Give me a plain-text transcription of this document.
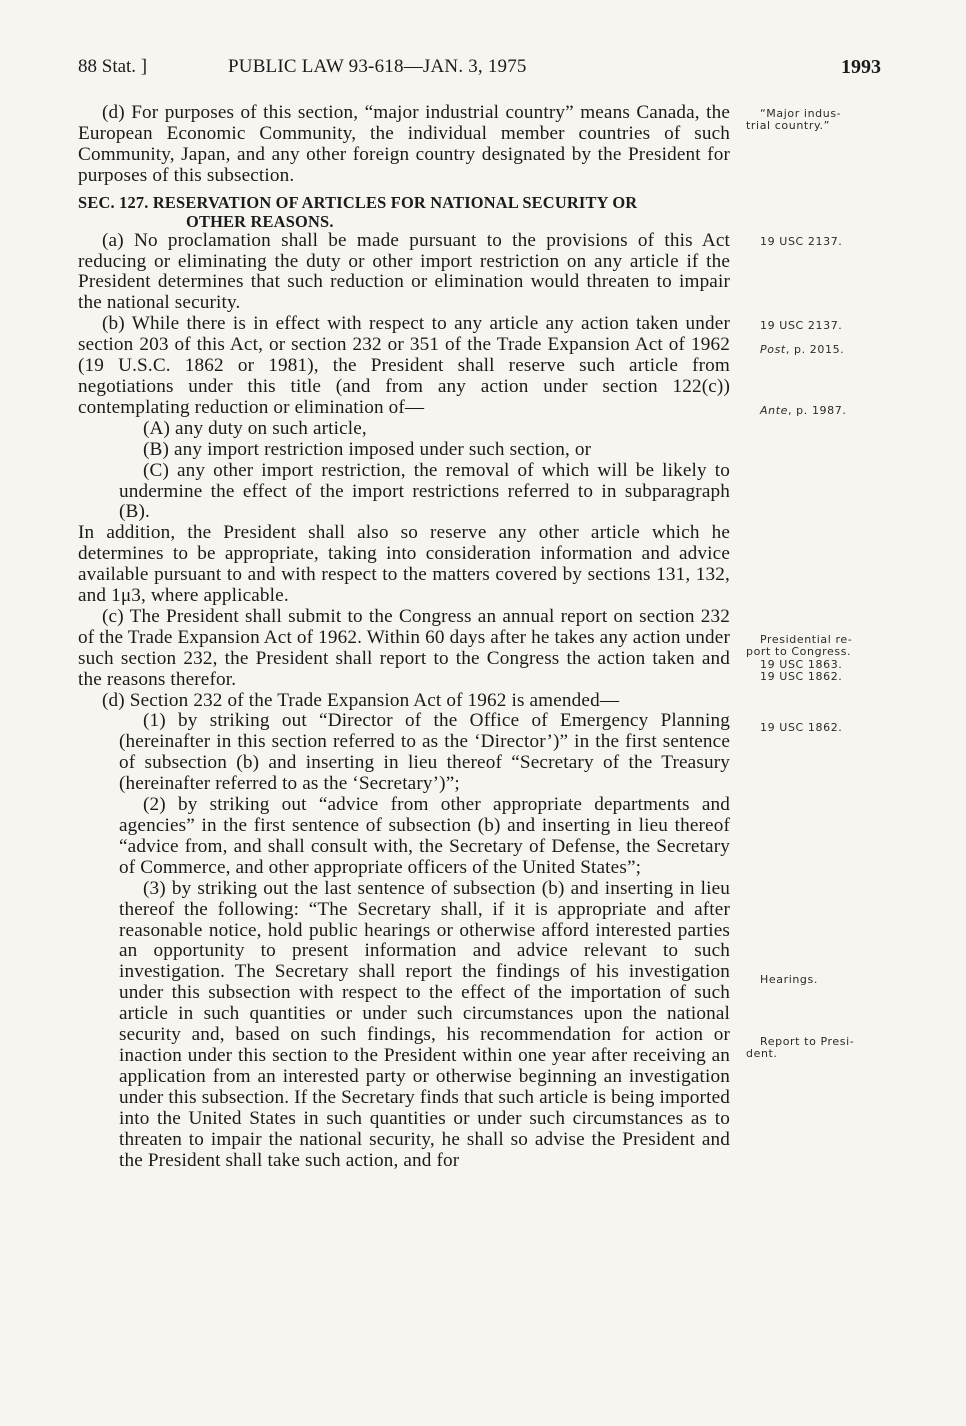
88 Stat. ]	PUBLIC LAW 93-618—JAN. 3, 1975	1993

(d) For purposes of this section, “major industrial country” means Canada, the European Economic Community, the individual member countries of such Community, Japan, and any other foreign country designated by the President for purposes of this subsection.

SEC. 127. RESERVATION OF ARTICLES FOR NATIONAL SECURITY OR
OTHER REASONS.

(a) No proclamation shall be made pursuant to the provisions of this Act reducing or eliminating the duty or other import restriction on any article if the President determines that such reduction or elimination would threaten to impair the national security.

(b) While there is in effect with respect to any article any action taken under section 203 of this Act, or section 232 or 351 of the Trade Expansion Act of 1962 (19 U.S.C. 1862 or 1981), the President shall reserve such article from negotiations under this title (and from any action under section 122(c)) contemplating reduction or elimination of—

(A) any duty on such article,

(B) any import restriction imposed under such section, or

(C) any other import restriction, the removal of which will be likely to undermine the effect of the import restrictions referred to in subparagraph (B).

In addition, the President shall also so reserve any other article which he determines to be appropriate, taking into consideration information and advice available pursuant to and with respect to the matters covered by sections 131, 132, and 1μ3, where applicable.

(c) The President shall submit to the Congress an annual report on section 232 of the Trade Expansion Act of 1962. Within 60 days after he takes any action under such section 232, the President shall report to the Congress the action taken and the reasons therefor.

(d) Section 232 of the Trade Expansion Act of 1962 is amended—

(1) by striking out “Director of the Office of Emergency Planning (hereinafter in this section referred to as the ‘Director’)” in the first sentence of subsection (b) and inserting in lieu thereof “Secretary of the Treasury (hereinafter referred to as the ‘Secretary’)”;

(2) by striking out “advice from other appropriate departments and agencies” in the first sentence of subsection (b) and inserting in lieu thereof “advice from, and shall consult with, the Secretary of Defense, the Secretary of Commerce, and other appropriate officers of the United States”;

(3) by striking out the last sentence of subsection (b) and inserting in lieu thereof the following: “The Secretary shall, if it is appropriate and after reasonable notice, hold public hearings or otherwise afford interested parties an opportunity to present information and advice relevant to such investigation. The Secretary shall report the findings of his investigation under this subsection with respect to the effect of the importation of such article in such quantities or under such circumstances upon the national security and, based on such findings, his recommendation for action or inaction under this section to the President within one year after receiving an application from an interested party or otherwise beginning an investigation under this subsection. If the Secretary finds that such article is being imported into the United States in such quantities or under such circumstances as to threaten to impair the national security, he shall so advise the President and the President shall take such action, and for

“Major indus-
trial country.”
19 USC 2137.
19 USC 2137.
Post, p. 2015.
Ante, p. 1987.
Presidential re-
port to Congress.
19 USC 1863.
19 USC 1862.
19 USC 1862.
Hearings.
Report to Presi-
dent.
